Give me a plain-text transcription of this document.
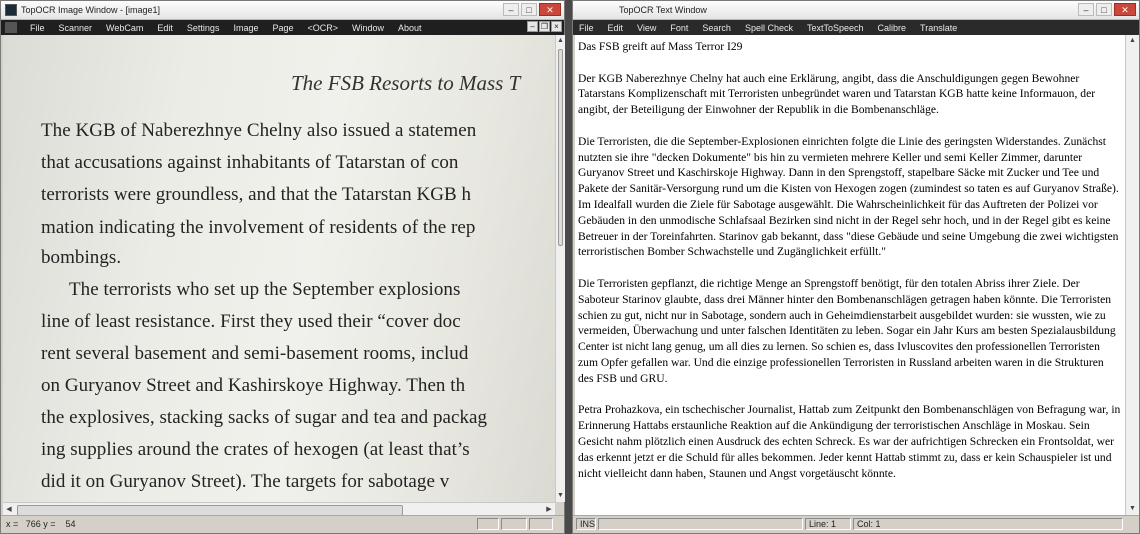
TopOCR Image Window - [image1]	–	□	✕
File	Scanner	WebCam	Edit	Settings	Image	Page	<OCR>	Window	About	– ❐ ×
The FSB Resorts to Mass T
The KGB of Naberezhnye Chelny also issued a statemen
that accusations against inhabitants of Tatarstan of con
terrorists were groundless, and that the Tatarstan KGB h
mation indicating the involvement of residents of the rep
bombings.
The terrorists who set up the September explosions
line of least resistance. First they used their “cover doc
rent several basement and semi-basement rooms, includ
on Guryanov Street and Kashirskoye Highway. Then th
the explosives, stacking sacks of sugar and tea and packag
ing supplies around the crates of hexogen (at least that’s
did it on Guryanov Street). The targets for sabotage v
▲
▼
◀	▶
x =   766 y =    54
TopOCR Text Window	–	□	✕
File	Edit	View	Font	Search	Spell Check	TextToSpeech	Calibre	Translate

Das FSB greift auf Mass Terror I29

Der KGB Naberezhnye Chelny hat auch eine Erklärung, angibt, dass die Anschuldigungen gegen Bewohner Tatarstans Komplizenschaft mit Terroristen unbegründet waren und Tatarstan KGB hatte keine Informauon, der angibt, der Beteiligung der Einwohner der Republik in die Bombenanschläge.

Die Terroristen, die die September-Explosionen einrichten folgte die Linie des geringsten Widerstandes. Zunächst nutzten sie ihre "decken Dokumente" bis hin zu vermieten mehrere Keller und semi Keller Zimmer, darunter Guryanov Street und Kaschirskoje Highway. Dann in den Sprengstoff, stapelbare Säcke mit Zucker und Tee und Pakete der Sanitär-Versorgung rund um die Kisten von Hexogen zogen (zumindest so taten es auf Guryanov Straße). Im Idealfall wurden die Ziele für Sabotage ausgewählt. Die Wahrscheinlichkeit für das Auftreten der Polizei vor Gebäuden in den unmodische Schlafsaal Bezirken sind nicht in der Regel sehr hoch, und in der Regel gibt es keine Betreuer in der Toreinfahrten. Starinov gab bekannt, dass "diese Gebäude und seine Umgebung die zwei wichtigsten terroristischen Bomber Schwachstelle und Zugänglichkeit erfüllt."

Die Terroristen gepflanzt, die richtige Menge an Sprengstoff benötigt, für den totalen Abriss ihrer Ziele. Der Saboteur Starinov glaubte, dass drei Männer hinter den Bombenanschlägen getragen haben könnte. Die Terroristen schien zu gut, nicht nur in Sabotage, sondern auch in Geheimdienstarbeit ausgebildet wurden: sie wussten, wie zu vermeiden, Überwachung und unter falschen Identitäten zu leben. Sogar ein Jahr Kurs am besten Spezialausbildung Center ist nicht lang genug, um all dies zu lernen. So schien es, dass Ivluscovites den professionellen Terroristen zum Opfer gefallen war. Und die einzige professionellen Terroristen in Russland arbeiten waren in die Strukturen des FSB und GRU.

Petra Prohazkova, ein tschechischer Journalist, Hattab zum Zeitpunkt den Bombenanschlägen von Befragung war, in Erinnerung Hattabs erstaunliche Reaktion auf die Ankündigung der terroristischen Anschläge in Moskau. Sein Gesicht nahm plötzlich einen Ausdruck des echten Schreck. Es war der aufrichtigen Schrecken ein Frontsoldat, wer das erkennt jetzt er die Schuld für alles bekommen. Jeder kennt Hattab stimmt zu, dass er kein Schauspieler ist und nicht vielleicht dann haben, Staunen und Angst vorgetäuscht könnte.

▲
▼
INS	Line: 1	Col: 1
